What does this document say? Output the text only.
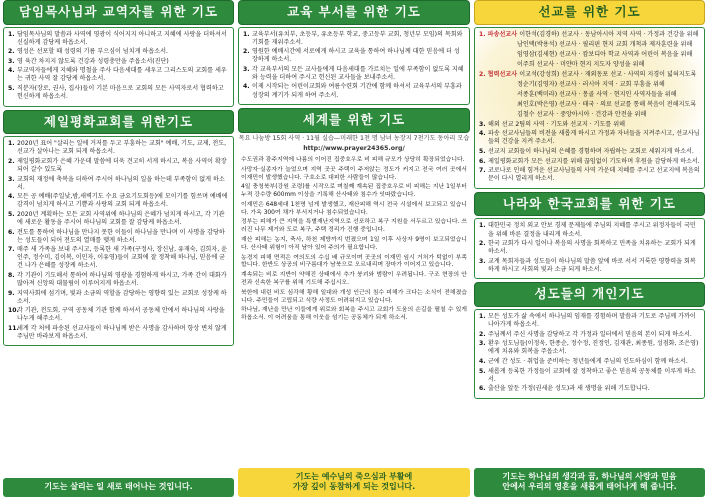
담임목사님과 교역자를 위한 기도
1. 담임목사님의 말씀과 사역에 영광이 식어지지 아니하고 지혜에 사랑을 더하셔서 신실하게 감당케 하옵소서.
2. 영성은 선포할 때 성령의 기름 부으심이 넘치게 하옵소서.
3. 영 육간 차지지 않도록 건강과 성령충만을 주옵소서(진단)
4. 부교역자들에게 지혜와 명철을 주사 다음세대를 세우고 그리스도의 교회를 세우는 귀한 사역 잘 감당케 하옵소서.
5. 직분자(장로, 권사, 집사)들이 기본 마음으로 교회의 모든 사역자로서 협력하고 헌신하게 하옵소서.
제일평화교회를 위한기도
1. 2020년 표어 "살리는 일에 거저를 두고 부흥하는 교회" 예배, 기도, 교제, 전도, 선교가 살아나는 교회 되게 하옵소서.
2. 제일평화교회가 은혜 가운데 말씀에 더욱 견고히 서게 하시고, 복음 사역이 확장 되어 갈수 있도록
3. 교회의 재정에 축복을 더하여 주시어 하나님의 일을 하는데 부족함이 없게 하소서.
4. 모든 공 예배(주일낮,밤,새벽기도 수요 금요기도회등)에 모이기를 힘쓰며 예배에 감격이 넘치게 하시고 기쁨과 사랑의 교회 되게 하옵소서.
5. 2020년 계획하는 모든 교회 사역위에 하나님의 은혜가 넘치게 하시고, 각 기관에 새로운 활동을 주시어 하나님의 교회를 잘 감당케 하옵소서.
6. 전도를 통하여 하나님을 만나지 못한 이들이 하나님을 만나며 이 사명을 감당하는 성도들이 되어 전도의 열매를 맺게 하소서.
7. 매주 새 가족을 보내 주시고, 등록한 새 가족(구정사, 장신남, 유재숙, 김희자, 윤인주, 정수미, 김이복, 이민자, 이유영)들이 교회에 잘 정착해 하나님, 믿음에 굳건 나가 은혜를 성장케 하소서.
8. 각 기관이 기도해서 통하여 하나님의 영광을 경험하게 하시고, 가족 간이 대화가 많아져 신앙의 대물림이 이루어지게 하옵소서.
9. 지역사회에 섬기며, 빛과 소금의 역할을 감당하는 영향력 있는 교회로 성장케 하소서.
10.
각 기관, 전도회, 구역 공동체 기관 함께 하셔서 공동체 안에서 하나님의 사랑을 나누게 해주소서.
11.
세계 각 처에 파송된 선교사들이 하나님께 받은 사명을 감사하며 항상 변치 않게 주님만 바라보게 하옵소서.
기도는 살리는 일 새로 태어나는 것입니다.
교육 부서를 위한 기도
1. 교육부서(유치부, 초등부, 유초등부 학교, 중고등부 교회, 청년부 모임)의 목회와 기회를 재위주소서.
2. 영원한 예배시간에 서로에게 하시고 교육을 통하여 하나님께 대한 믿음에 더 성장하게 하소서.
3. 각 교육부서의 모든 교사들에게 다음세대를 가르치는 일에 부족함이 없도록 지혜와 능력을 더하여 주시고 헌신된 교사들을 보내주소서.
4. 이제 시작되는 어린이교회와 여름수련회 기간에 함께 하셔서 교육부서의 부흥과 성장의 계기가 되게 하여 주소서.
세계를 위한 기도
목요 나눔방 15회 사역 · 11월 실습—미래한 1천 명 남녀 농장지 7천기도 동아리 모습
http://www.prayer24365.org/

수도권과 광주지역에 나름의 이어진 집중호우로 비 피해 규모가 상당히 확장되었습니다.

사망자·실종자가 늘었으며 지역 곳곳 주택이 주저앉는 정도가 커지고 전국 여러 곳에서 이재민이 발생했습니다. 구호소로 대피한 사람들이 많습니다.

4일 충청북부(강원 조령)를 시작으로 며칠째 계속된 집중호우로 비 피해는 지난 1일부터 누적 강수량 600mm 이상을 기록해 산사태와 침수가 잇따랐습니다.

이재민은 648세대 1천명 넘게 발생했고, 재산피해 역시 전국 시설에서 보고되고 있습니다. 가옥 300여 채가 부서지거나 침수되었습니다.

정부는 피해가 큰 지역을 특별재난지역으로 선포하고 복구 지원을 서두르고 있습니다. 쓰러진 나무 제거와 도로 복구, 주택 정리가 진행 중입니다.

재산 피해는 농지, 축사, 하천 제방까지 번졌으며 1일 이후 사상자 9명이 보고되었습니다. 산사태 위험이 아직 남아 있어 주의가 필요합니다.

농경지 피해 면적은 여의도의 수십 배 규모이며 곳곳의 이재민 임시 거처가 턱없이 부족합니다. 한반도 상공의 비구름대가 남북으로 오르내리며 장마가 이어지고 있습니다.

계속되는 비로 지반이 약해진 상태에서 추가 붕괴와 범람이 우려됩니다. 구조 현장의 안전과 신속한 복구를 위해 기도해 주십시오.

북한에 내린 비도 심각해 황해 일대와 개성 인근의 침수 피해가 크다는 소식이 전해졌습니다. 주민들이 고립되고 식량 사정도 어려워지고 있습니다.

하나님, 재난을 만난 이들에게 위로와 회복을 주시고 교회가 도움의 손길을 펼칠 수 있게 하옵소서. 이 어려움을 통해 이웃을 섬기는 공동체가 되게 하소서.

기도는 예수님의 죽으심과 부활에
가장 깊이 동참하게 되는 것입니다.
선교를 위한 기도
1. 파송선교사 이한석(김경하) 선교사 · 동남아시아 지역 사역 · 가정과 건강을 위해
남인택(박용석) 선교사 · 필리핀 현지 교회 개척과 제자훈련을 위해
임영삼(김세현) 선교사 · 캄보디아 학교 사역과 어린이 복음을 위해
이주희 선교사 · 미얀마 현지 지도자 양성을 위해
2. 협력선교사 이교석(강성희) 선교사 · 재외동포 선교 · 사역의 지경이 넓혀지도록
정순기(김영자) 선교사 · 러시아 지역 · 교회 부흥을 위해
서종훈(백미라) 선교사 · 몽골 사역 · 현지인 사역자들을 위해
최인호(박은영) 선교사 · 태국 · 의료 선교를 통해 복음이 전해지도록
김철수 선교사 · 중앙아시아 · 건강과 안전을 위해
3. 해외 선교 2팀의 사역 · 기도와 선교지 · 기도를 위해
4. 파송 선교사님들의 비전을 새롭게 하시고 가정과 자녀들을 지켜주시고, 선교사님들의 건강을 지켜 주소서.
5. 선교지 교회들이 하나님의 은혜를 경험하며 자립하는 교회로 세워지게 하소서.
6. 제일평화교회가 모든 선교지를 위해 끊임없이 기도하며 후원을 감당하게 하소서.
7. 코로나로 인해 힘겨운 선교사님들의 사역 가운데 지혜를 주시고 선교지에 복음의 문이 다시 열리게 하소서.
나라와 한국교회를 위한 기도
1. 대한민국 정치 외교 안보 경제 문제들에 주님의 지혜를 주시고 위정자들이 국민을 위해 바른 결정을 내리게 하소서.
2. 한국 교회가 다시 일어나 복음의 사명을 회복하고 민족을 치유하는 교회가 되게 하소서.
3. 교계 목회자들과 성도들이 하나님의 말씀 앞에 바로 서서 거룩한 영향력을 회복하게 하시고 사회의 빛과 소금 되게 하소서.
성도들의 개인기도
1. 모든 성도가 삶 속에서 하나님의 임재를 경험하며 말씀과 기도로 주님께 가까이 나아가게 하옵소서.
2. 주님께서 주신 사명을 감당하고 각 가정과 일터에서 믿음의 본이 되게 하소서.
3. 환우 성도님들(이정욱, 한종순, 정수정, 진정인, 김재관, 최종원, 성점화, 조은영)에게 치유와 회복을 주옵소서.
4. 군에 간 성도 · 취업을 준비하는 청년들에게 주님의 인도하심이 함께 하소서.
5. 새롭게 등록한 가정들이 교회에 잘 정착하고 좋은 믿음의 공동체를 이루게 하소서.
6. 출산을 앞둔 가정(권세윤 성도)과 새 생명을 위해 기도합니다.
기도는 하나님의 생각과 꿈, 하나님의 사랑과 믿음
안에서 우리의 영혼을 새롭게 태어나게 해 줍니다.
